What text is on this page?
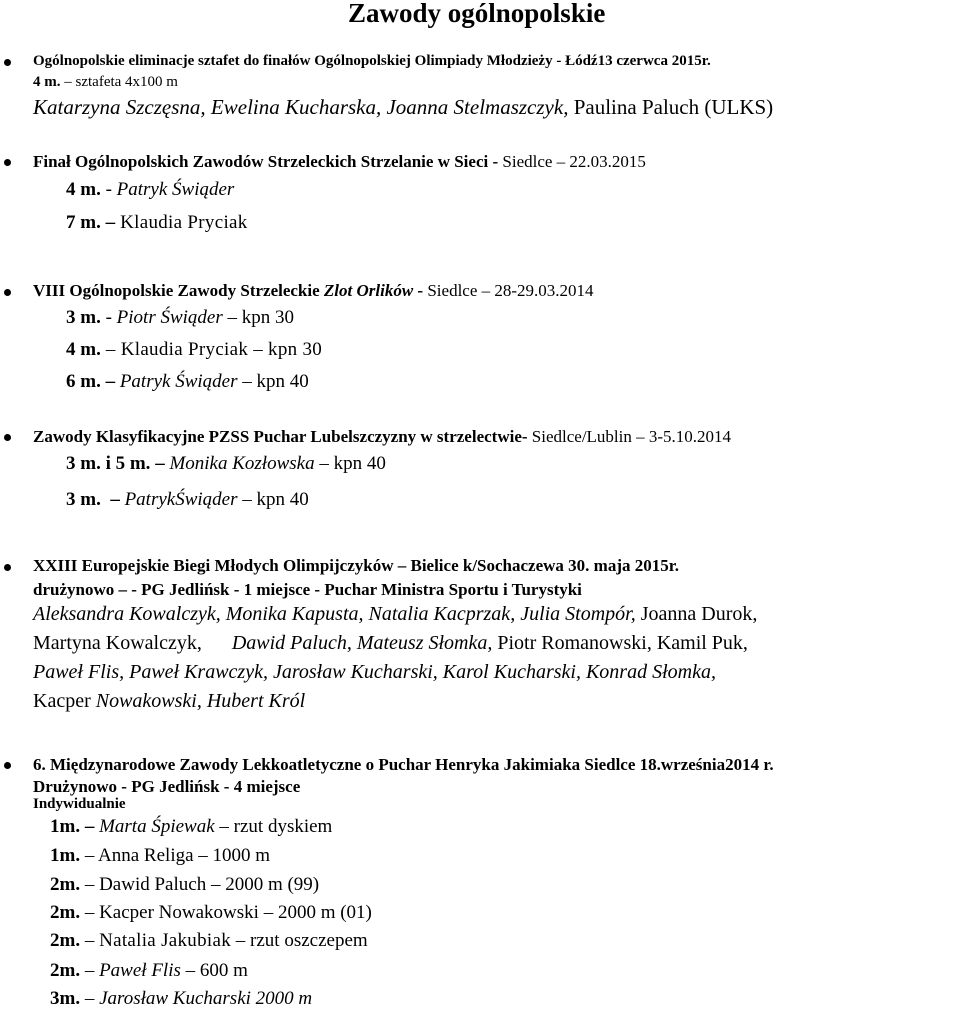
Zawody ogólnopolskie
Ogólnopolskie eliminacje sztafet do finałów Ogólnopolskiej Olimpiady Młodzieży - Łódź13 czerwca 2015r.
4 m. – sztafeta 4x100 m
Katarzyna Szczęsna, Ewelina Kucharska, Joanna Stelmaszczyk, Paulina Paluch (ULKS)
Finał Ogólnopolskich Zawodów Strzeleckich Strzelanie w Sieci - Siedlce – 22.03.2015
4 m. - Patryk Świąder
7 m. – Klaudia Pryciak
VIII Ogólnopolskie Zawody Strzeleckie Zlot Orlików - Siedlce – 28-29.03.2014
3 m. - Piotr Świąder – kpn 30
4 m. – Klaudia Pryciak – kpn 30
6 m. – Patryk Świąder – kpn 40
Zawody Klasyfikacyjne PZSS Puchar Lubelszczyzny w strzelectwie- Siedlce/Lublin – 3-5.10.2014
3 m. i 5 m. – Monika Kozłowska – kpn 40
3 m.  – PatrykŚwiąder – kpn 40
XXIII Europejskie Biegi Młodych Olimpijczyków – Bielice k/Sochaczewa 30. maja 2015r.
drużynowo – - PG Jedlińsk - 1 miejsce - Puchar Ministra Sportu i Turystyki
Aleksandra Kowalczyk, Monika Kapusta, Natalia Kacprzak, Julia Stompór, Joanna Durok,
Martyna Kowalczyk, Dawid Paluch, Mateusz Słomka, Piotr Romanowski, Kamil Puk,
Paweł Flis, Paweł Krawczyk, Jarosław Kucharski, Karol Kucharski, Konrad Słomka,
Kacper Nowakowski, Hubert Król
6. Międzynarodowe Zawody Lekkoatletyczne o Puchar Henryka Jakimiaka Siedlce 18.września2014 r.
Drużynowo - PG Jedlińsk - 4 miejsce
Indywidualnie
1m. – Marta Śpiewak – rzut dyskiem
1m. – Anna Religa – 1000 m
2m. – Dawid Paluch – 2000 m (99)
2m. – Kacper Nowakowski – 2000 m (01)
2m. – Natalia Jakubiak – rzut oszczepem
2m. – Paweł Flis – 600 m
3m. – Jarosław Kucharski 2000 m
